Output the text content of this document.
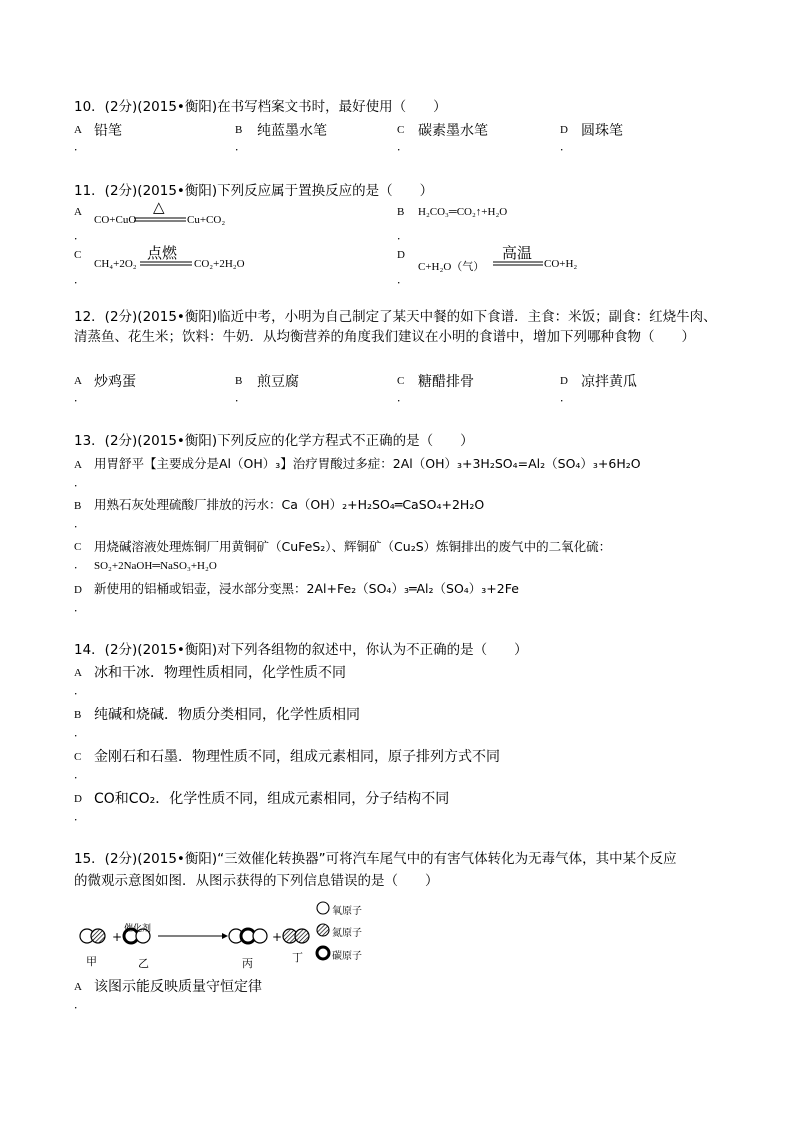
10．(2分)(2015•衡阳)在书写档案文书时，最好使用（　　）
A 铅笔
．
B 纯蓝墨水笔
．
C 碳素墨水笔
．
D 圆珠笔
．
11．(2分)(2015•衡阳)下列反应属于置换反应的是（　　）
A
CO+CuO
△
Cu+CO₂
．
B H₂CO₃═CO₂↑+H₂O
．
C
CH₄+2O₂
点燃
CO₂+2H₂O
．
D
C+H₂O（气）
高温
CO+H₂
．
12．(2分)(2015•衡阳)临近中考，小明为自己制定了某天中餐的如下食谱．主食：米饭；副食：红烧牛肉、清蒸鱼、花生米；饮料：牛奶．从均衡营养的角度我们建议在小明的食谱中，增加下列哪种食物（　　）
A 炒鸡蛋
．
B 煎豆腐
．
C 糖醋排骨
．
D 凉拌黄瓜
．
13．(2分)(2015•衡阳)下列反应的化学方程式不正确的是（　　）
A 用胃舒平【主要成分是Al（OH）₃】治疗胃酸过多症：2Al（OH）₃+3H₂SO₄=Al₂（SO₄）₃+6H₂O
．
B 用熟石灰处理硫酸厂排放的污水：Ca（OH）₂+H₂SO₄═CaSO₄+2H₂O
．
C 用烧碱溶液处理炼铜厂用黄铜矿（CuFeS₂）、辉铜矿（Cu₂S）炼铜排出的废气中的二氧化硫：
． SO₂+2NaOH═NaSO₃+H₂O
D 新使用的铝桶或铝壶，浸水部分变黑：2Al+Fe₂（SO₄）₃═Al₂（SO₄）₃+2Fe
．
14．(2分)(2015•衡阳)对下列各组物的叙述中，你认为不正确的是（　　）
A 冰和干冰．物理性质相同，化学性质不同
．
B 纯碱和烧碱．物质分类相同，化学性质相同
．
C 金刚石和石墨．物理性质不同，组成元素相同，原子排列方式不同
．
D CO和CO₂．化学性质不同，组成元素相同，分子结构不同
．
15．(2分)(2015•衡阳)“三效催化转换器”可将汽车尾气中的有害气体转化为无毒气体，其中某个反应
的微观示意图如图．从图示获得的下列信息错误的是（　　）
+	+
催化剂
甲	乙	丙	丁
氧原子
氮原子
碳原子
A 该图示能反映质量守恒定律
．
